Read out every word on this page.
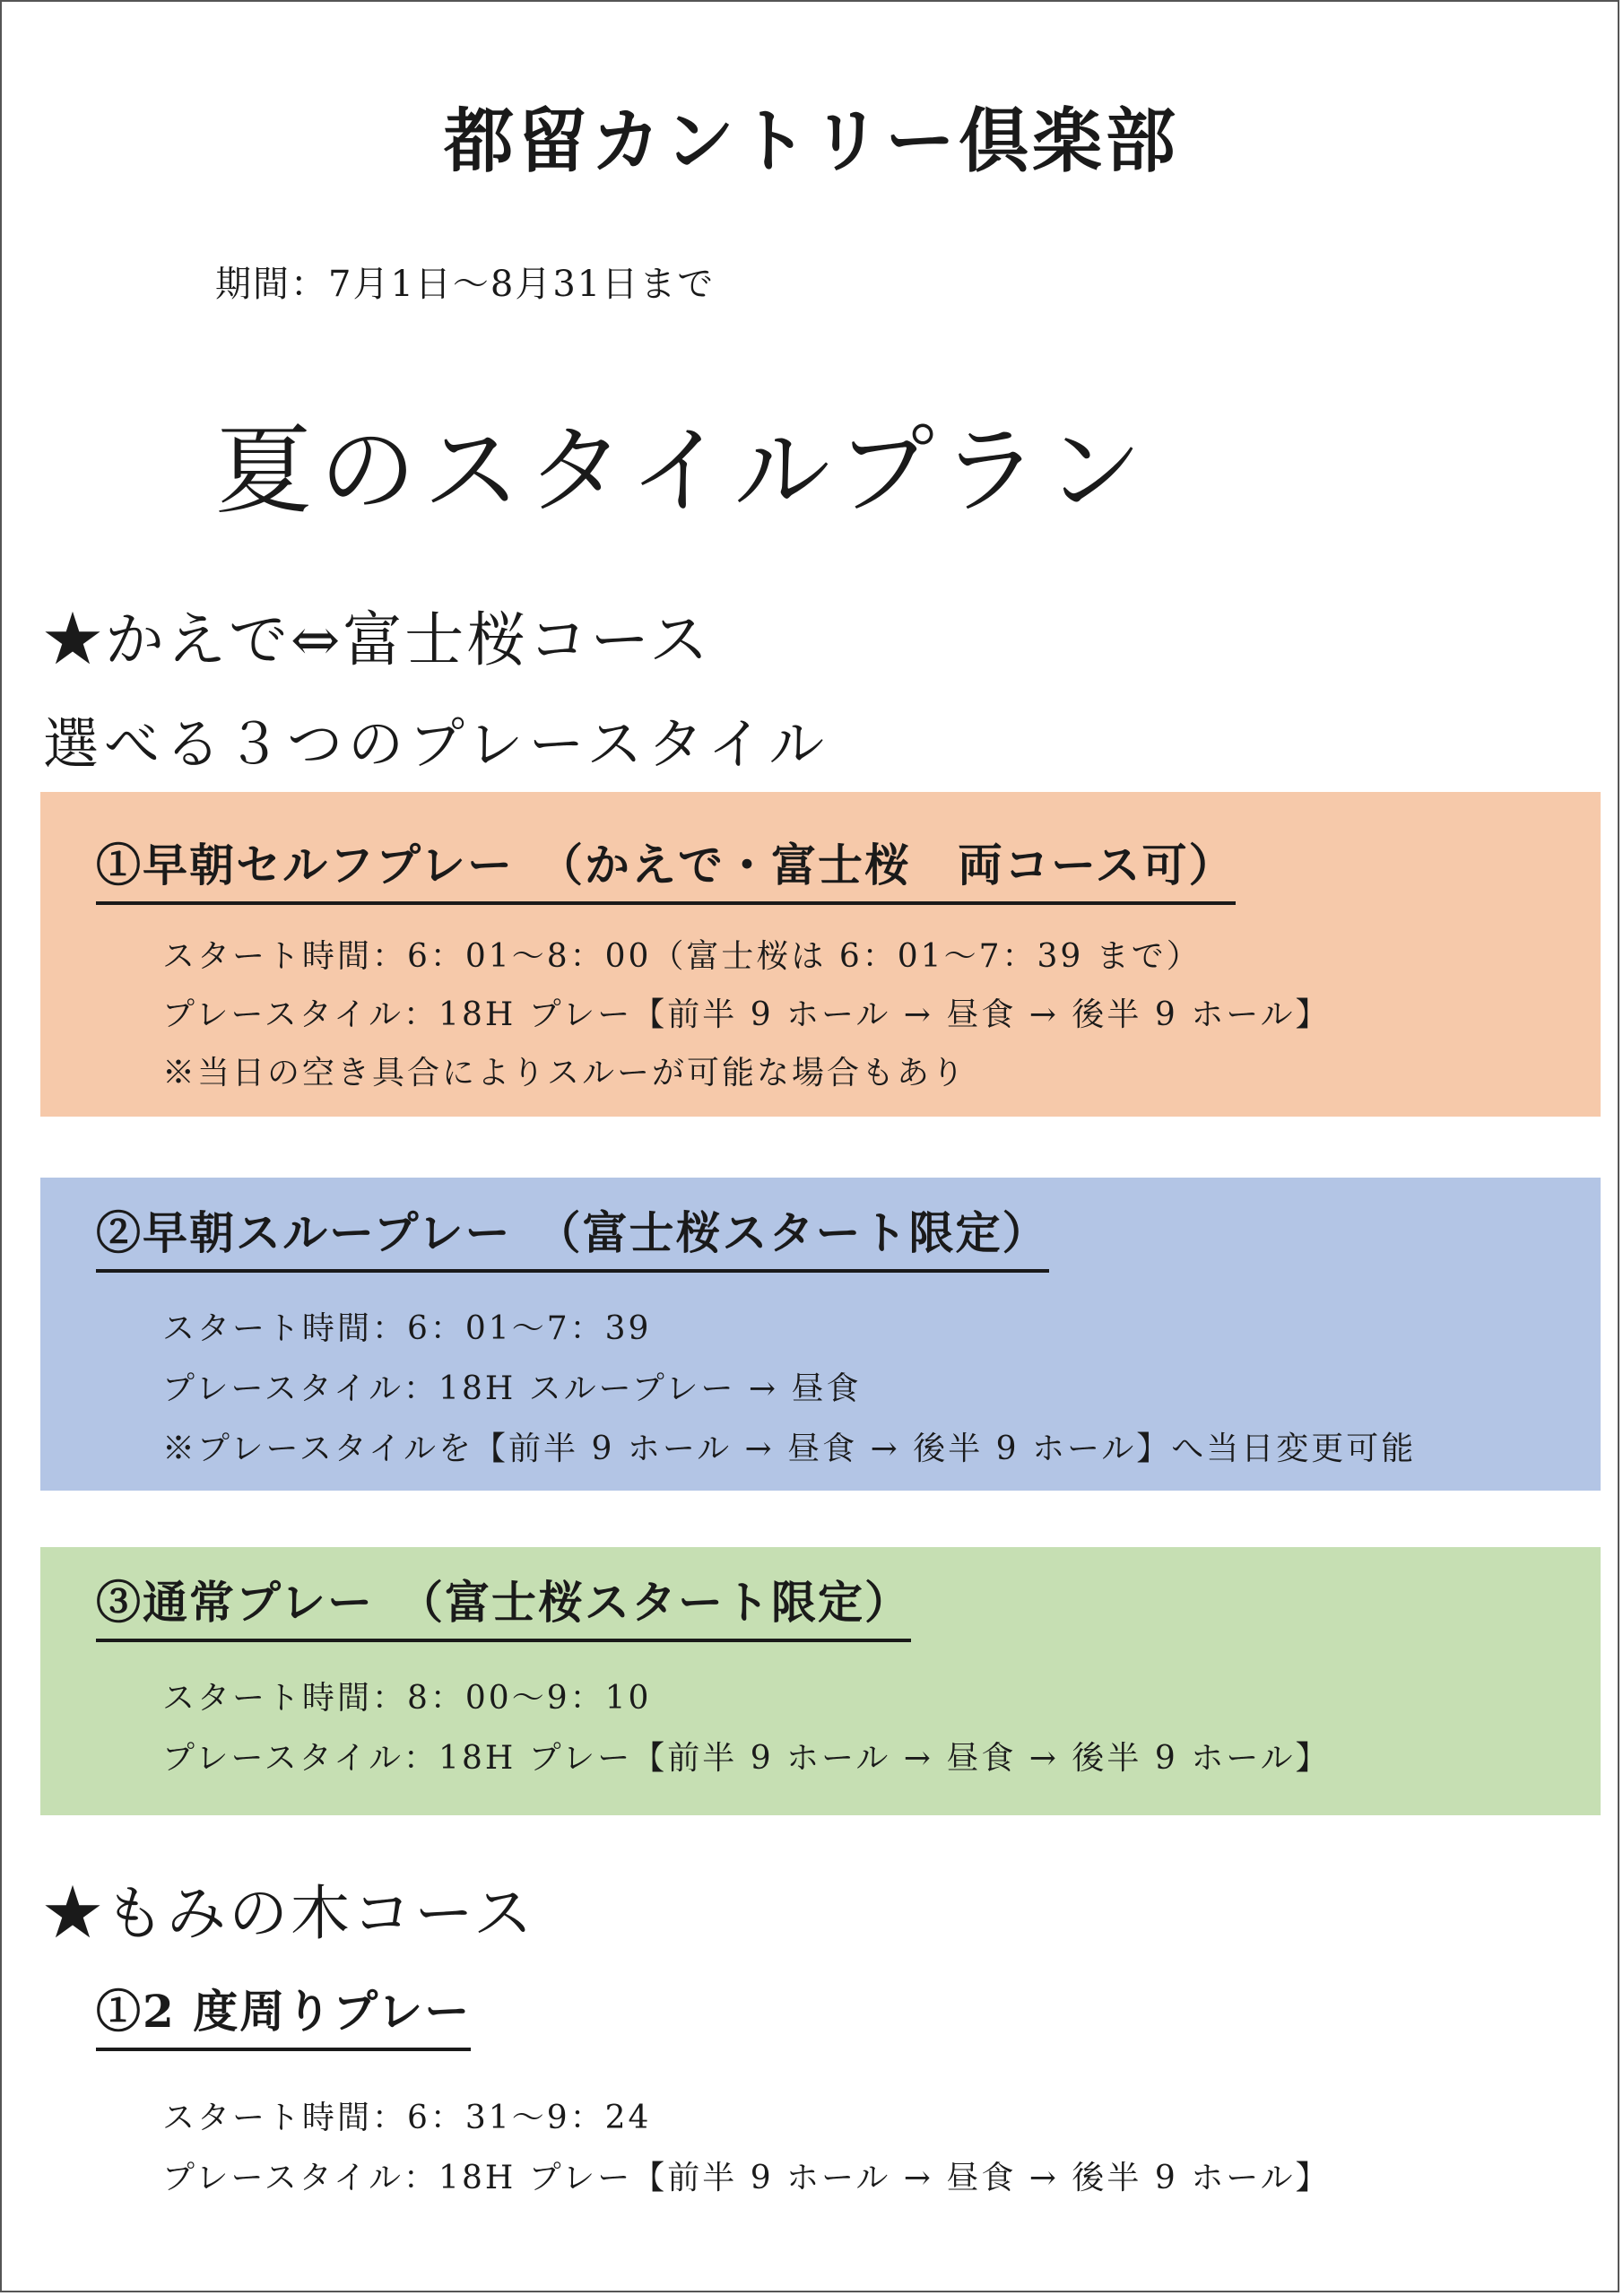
都留カントリー倶楽部
期間：7月1日〜8月31日まで
夏のスタイルプラン
★かえで⇔富士桜コース
選べる３つのプレースタイル
①早朝セルフプレー　（かえで・富士桜　両コース可）
スタート時間：6：01〜8：00（富士桜は 6：01〜7：39 まで）
プレースタイル：18H プレー【前半 9 ホール → 昼食 → 後半 9 ホール】
※当日の空き具合によりスルーが可能な場合もあり
②早朝スループレー　（富士桜スタート限定）
スタート時間：6：01〜7：39
プレースタイル：18H スループレー → 昼食
※プレースタイルを【前半 9 ホール → 昼食 → 後半 9 ホール】へ当日変更可能
③通常プレー　（富士桜スタート限定）
スタート時間：8：00〜9：10
プレースタイル：18H プレー【前半 9 ホール → 昼食 → 後半 9 ホール】
★もみの木コース
①2 度周りプレー
スタート時間：6：31〜9：24
プレースタイル：18H プレー【前半 9 ホール → 昼食 → 後半 9 ホール】
